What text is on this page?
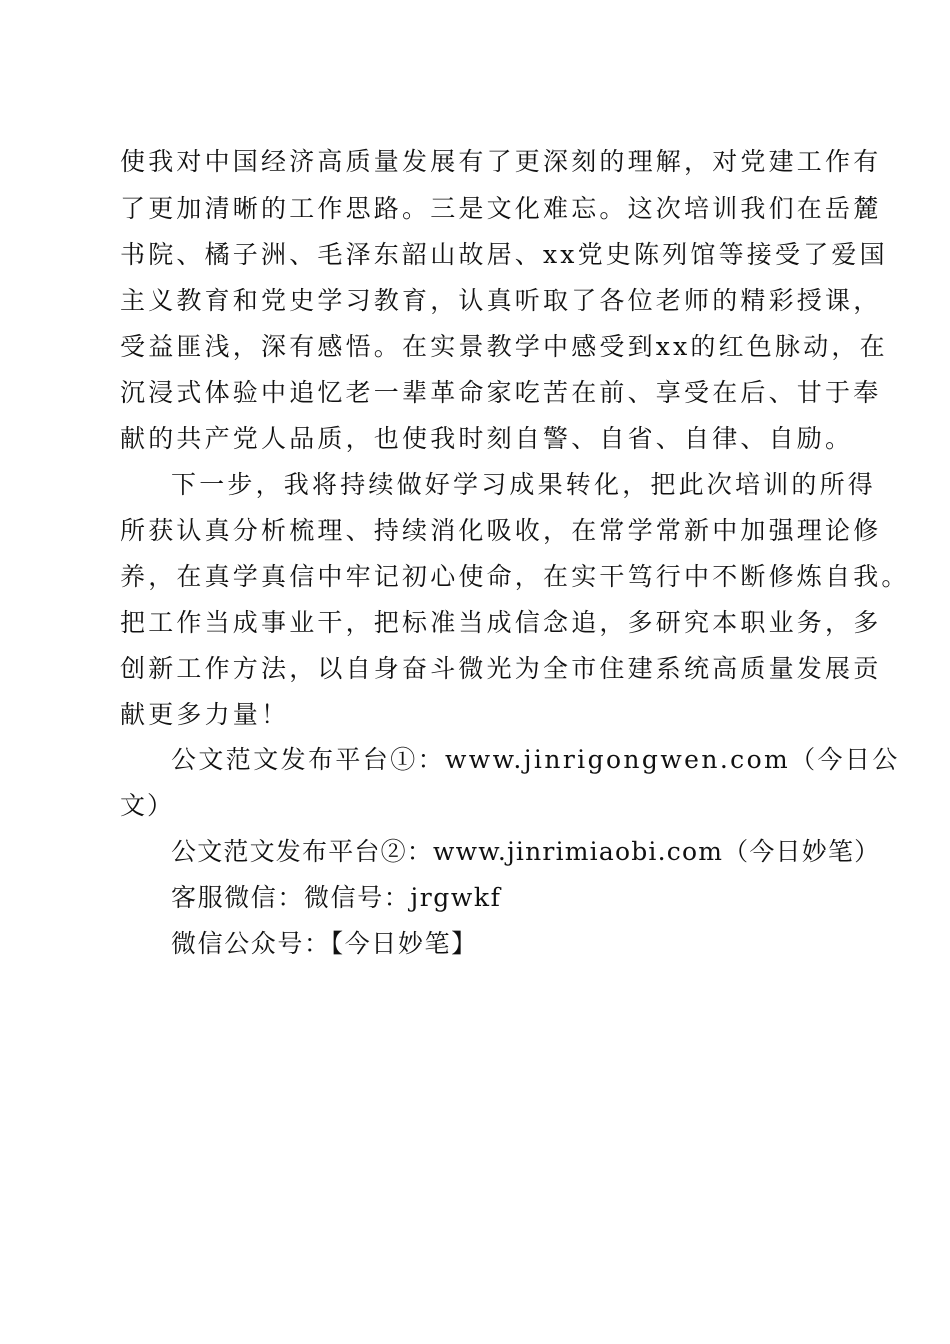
使我对中国经济高质量发展有了更深刻的理解，对党建工作有
了更加清晰的工作思路。三是文化难忘。这次培训我们在岳麓
书院、橘子洲、毛泽东韶山故居、xx党史陈列馆等接受了爱国
主义教育和党史学习教育，认真听取了各位老师的精彩授课，
受益匪浅，深有感悟。在实景教学中感受到xx的红色脉动，在
沉浸式体验中追忆老一辈革命家吃苦在前、享受在后、甘于奉
献的共产党人品质，也使我时刻自警、自省、自律、自励。
下一步，我将持续做好学习成果转化，把此次培训的所得
所获认真分析梳理、持续消化吸收，在常学常新中加强理论修
养，在真学真信中牢记初心使命，在实干笃行中不断修炼自我。
把工作当成事业干，把标准当成信念追，多研究本职业务，多
创新工作方法，以自身奋斗微光为全市住建系统高质量发展贡
献更多力量！
公文范文发布平台①：www.jinrigongwen.com（今日公
文）
公文范文发布平台②：www.jinrimiaobi.com（今日妙笔）
客服微信：微信号：jrgwkf
微信公众号：【今日妙笔】
